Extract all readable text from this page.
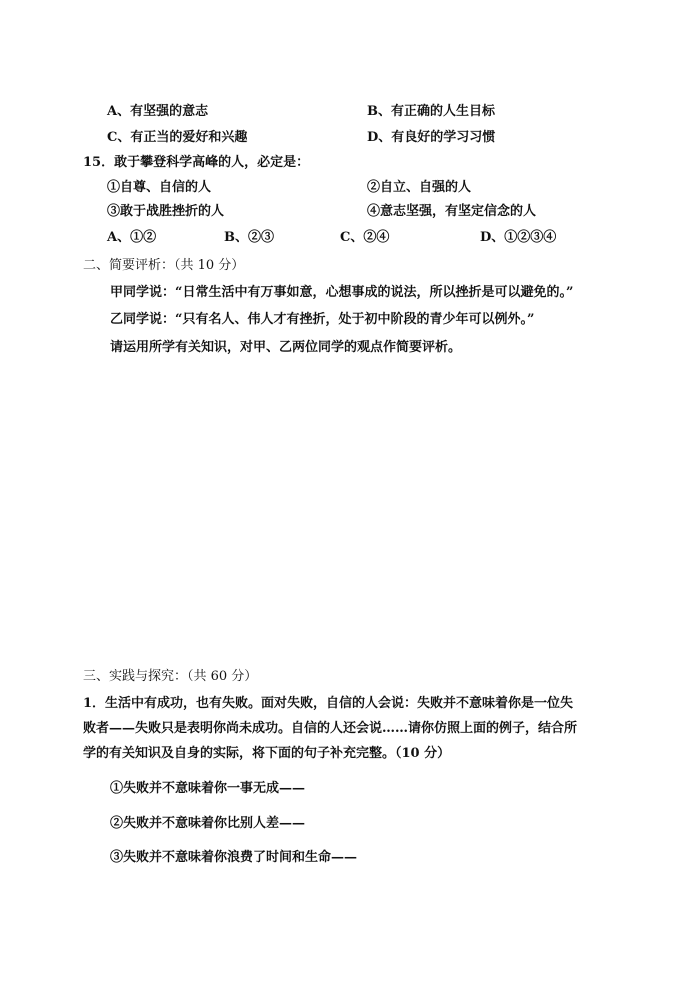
A、有坚强的意志	B、有正确的人生目标
C、有正当的爱好和兴趣	D、有良好的学习习惯
15．敢于攀登科学高峰的人，必定是：
①自尊、自信的人	②自立、自强的人
③敢于战胜挫折的人	④意志坚强，有坚定信念的人
A、①②	B、②③	C、②④	D、①②③④
二、简要评析：（共 10 分）
甲同学说：“日常生活中有万事如意，心想事成的说法，所以挫折是可以避免的。”
乙同学说：“只有名人、伟人才有挫折，处于初中阶段的青少年可以例外。”
请运用所学有关知识，对甲、乙两位同学的观点作简要评析。
三、实践与探究：（共 60 分）
1．生活中有成功，也有失败。面对失败，自信的人会说：失败并不意味着你是一位失
败者——失败只是表明你尚未成功。自信的人还会说……请你仿照上面的例子，结合所
学的有关知识及自身的实际，将下面的句子补充完整。（10 分）
①失败并不意味着你一事无成——
②失败并不意味着你比别人差——
③失败并不意味着你浪费了时间和生命——
